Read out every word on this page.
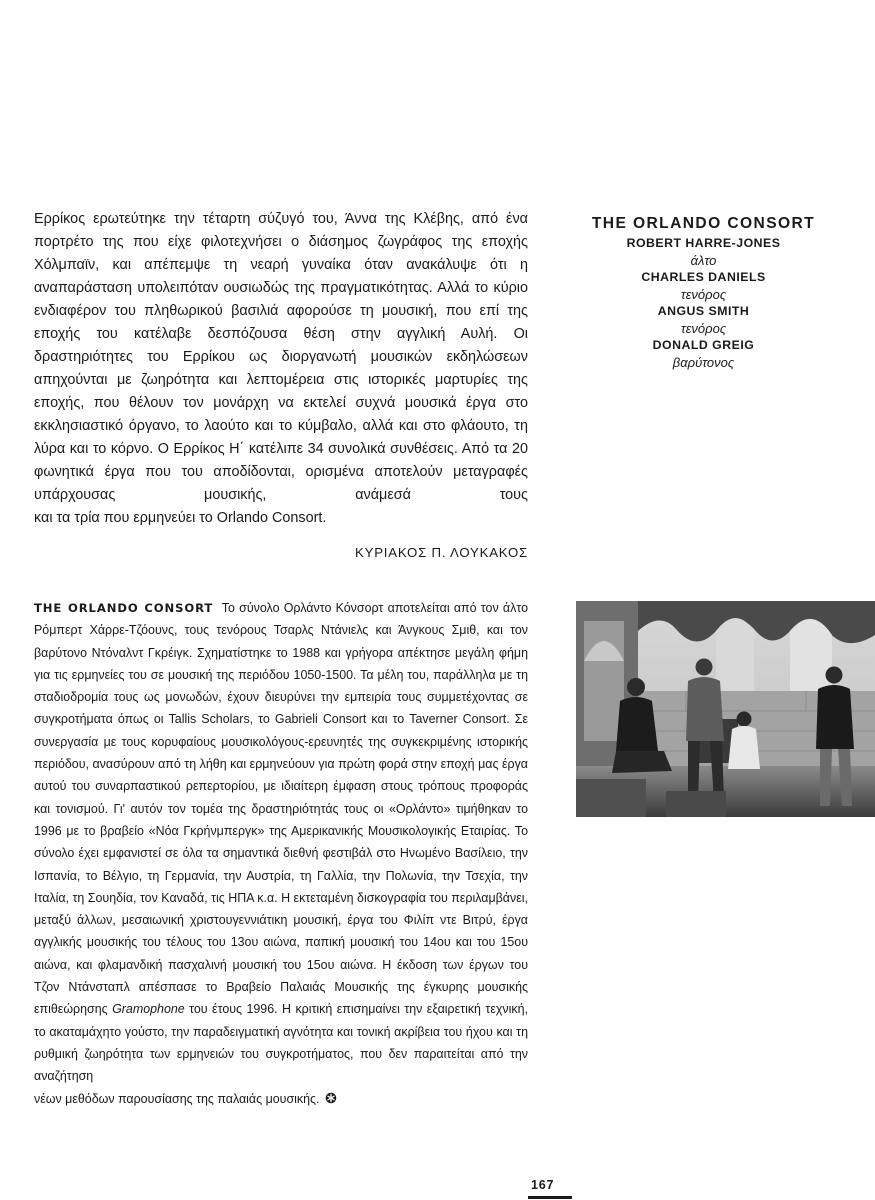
Ερρίκος ερωτεύτηκε την τέταρτη σύζυγό του, Άννα της Κλέβης, από ένα πορτρέτο της που είχε φιλοτεχνήσει ο διάσημος ζωγράφος της εποχής Χόλμπαϊν, και απέπεμψε τη νεαρή γυναίκα όταν ανακάλυψε ότι η αναπαράσταση υπολειπόταν ουσιωδώς της πραγματικότητας. Αλλά το κύριο ενδιαφέρον του πληθωρικού βασιλιά αφορούσε τη μουσική, που επί της εποχής του κατέλαβε δεσπόζουσα θέση στην αγγλική Αυλή. Οι δραστηριότητες του Ερρίκου ως διοργανωτή μουσικών εκδηλώσεων απηχούνται με ζωηρότητα και λεπτομέρεια στις ιστορικές μαρτυρίες της εποχής, που θέλουν τον μονάρχη να εκτελεί συχνά μουσικά έργα στο εκκλησιαστικό όργανο, το λαούτο και το κύμβαλο, αλλά και στο φλάουτο, τη λύρα και το κόρνο. Ο Ερρίκος Η΄ κατέλιπε 34 συνολικά συνθέσεις. Από τα 20 φωνητικά έργα που του αποδίδονται, ορισμένα αποτελούν μεταγραφές υπάρχουσας μουσικής, ανάμεσά τους
και τα τρία που ερμηνεύει το Orlando Consort.

ΚΥΡΙΑΚΟΣ Π. ΛΟΥΚΑΚΟΣ
THE ORLANDO CONSORT
ROBERT HARRE-JONES
άλτο
CHARLES DANIELS
τενόρος
ANGUS SMITH
τενόρος
DONALD GREIG
βαρύτονος

THE ORLANDO CONSORT Το σύνολο Ορλάντο Κόνσορτ αποτελείται από τον άλτο Ρόμπερτ Χάρρε-Τζόουνς, τους τενόρους Τσαρλς Ντάνιελς και Άνγκους Σμιθ, και τον βαρύτονο Ντόναλντ Γκρέιγκ. Σχηματίστηκε το 1988 και γρήγορα απέκτησε μεγάλη φήμη για τις ερμηνείες του σε μουσική της περιόδου 1050-1500. Τα μέλη του, παράλληλα με τη σταδιοδρομία τους ως μονωδών, έχουν διευρύνει την εμπειρία τους συμμετέχοντας σε συγκροτήματα όπως οι Tallis Scholars, το Gabrieli Consort και το Taverner Consort. Σε συνεργασία με τους κορυφαίους μουσικολόγους-ερευνητές της συγκεκριμένης ιστορικής περιόδου, ανασύρουν από τη λήθη και ερμηνεύουν για πρώτη φορά στην εποχή μας έργα αυτού του συναρπαστικού ρεπερτορίου, με ιδιαίτερη έμφαση στους τρόπους προφοράς και τονισμού. Γι' αυτόν τον τομέα της δραστηριότητάς τους οι «Ορλάντο» τιμήθηκαν το 1996 με το βραβείο «Νόα Γκρήνμπεργκ» της Αμερικανικής Μουσικολογικής Εταιρίας. Το σύνολο έχει εμφανιστεί σε όλα τα σημαντικά διεθνή φεστιβάλ στο Ηνωμένο Βασίλειο, την Ισπανία, το Βέλγιο, τη Γερμανία, την Αυστρία, τη Γαλλία, την Πολωνία, την Τσεχία, την Ιταλία, τη Σουηδία, τον Καναδά, τις ΗΠΑ κ.α. Η εκτεταμένη δισκογραφία του περιλαμβάνει, μεταξύ άλλων, μεσαιωνική χριστουγεννιάτικη μουσική, έργα του Φιλίπ ντε Βιτρύ, έργα αγγλικής μουσικής του τέλους του 13ου αιώνα, παπική μουσική του 14ου και του 15ου αιώνα, και φλαμανδική πασχαλινή μουσική του 15ου αιώνα. Η έκδοση των έργων του Τζον Ντάνσταπλ απέσπασε το Βραβείο Παλαιάς Μουσικής της έγκυρης μουσικής επιθεώρησης Gramophone του έτους 1996. Η κριτική επισημαίνει την εξαιρετική τεχνική, το ακαταμάχητο γούστο, την παραδειγματική αγνότητα και τονική ακρίβεια του ήχου και τη ρυθμική ζωηρότητα των ερμηνειών του συγκροτήματος, που δεν παραιτείται από την αναζήτηση
νέων μεθόδων παρουσίασης της παλαιάς μουσικής.

167
